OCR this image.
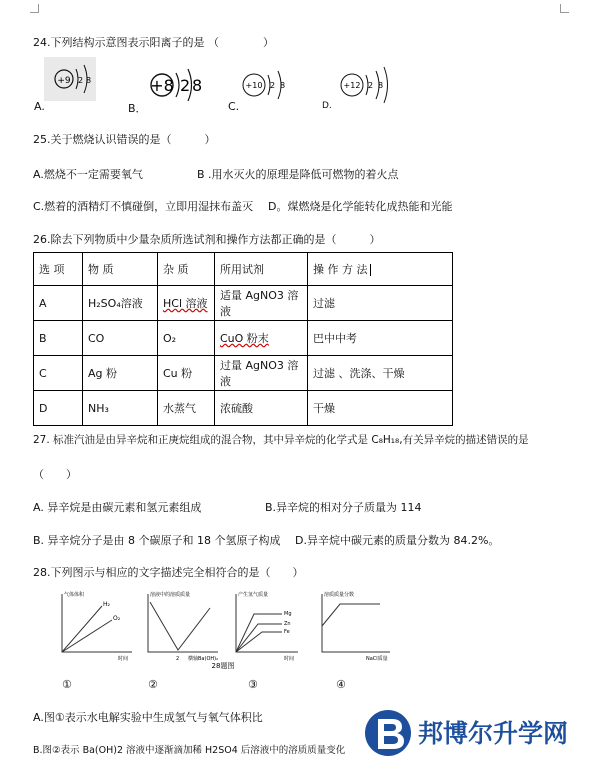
24.下列结构示意图表示阳离子的是 （　　　　）
+9 2 8	+8 2 8	+10 2 8	+12 2 8
A.	B．	C.	D.
25.关于燃烧认识错误的是（　　　）
A.燃烧不一定需要氧气	B .用水灭火的原理是降低可燃物的着火点
C.燃着的酒精灯不慎碰倒，立即用湿抹布盖灭 D。煤燃烧是化学能转化成热能和光能
26.除去下列物质中少量杂质所选试剂和操作方法都正确的是（　　　）
选 项	物 质	杂 质	所用试剂	操 作 方 法
A	H₂SO₄溶液	HCl 溶液	适量 AgNO3 溶液	过滤
B	CO	O₂	CuO 粉末	巴中中考
C	Ag 粉	Cu 粉	过量 AgNO3 溶液	过滤 、洗涤、干燥
D	NH₃	水蒸气	浓硫酸	干燥
27. 标准汽油是由异辛烷和正庚烷组成的混合物，其中异辛烷的化学式是 C₈H₁₈,有关异辛烷的描述错误的是
（　　）
A. 异辛烷是由碳元素和氢元素组成	B.异辛烷的相对分子质量为 114
B. 异辛烷分子是由 8 个碳原子和 18 个氢原子构成 D.异辛烷中碳元素的质量分数为 84.2%。
28.下列图示与相应的文字描述完全相符合的是（　　）
气体体积
H₂
O₂
时间
溶液中的溶质质量
2 横轴Ba(OH)₂
产生氢气质量
Mg
Zn
Fe
时间
溶质质量分数
NaCl质量
28题图
①	②	③	④
A.图①表示水电解实验中生成氢气与氧气体积比
B.图②表示 Ba(OH)2 溶液中逐渐滴加稀 H2SO4 后溶液中的溶质质量变化
邦博尔升学网
